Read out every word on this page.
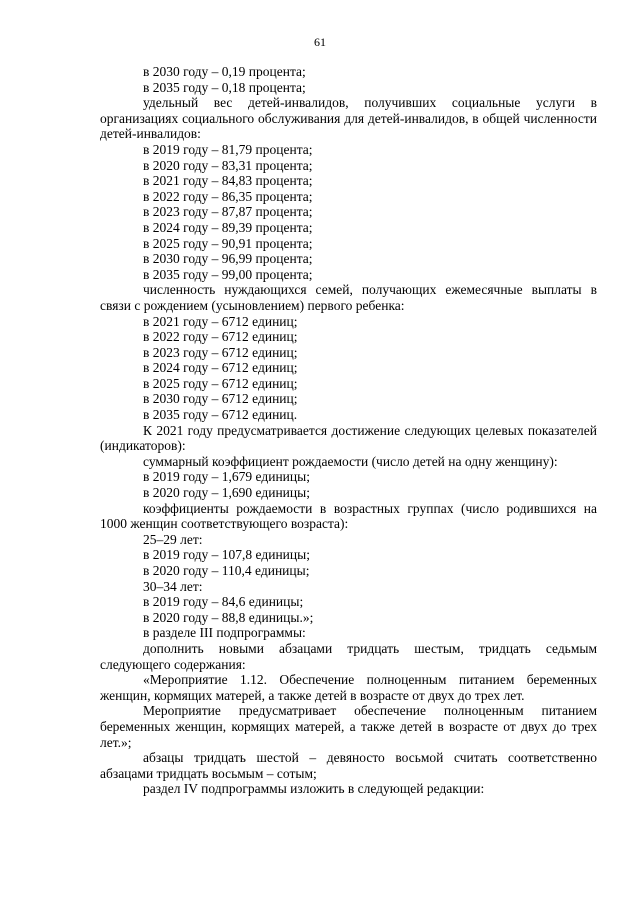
61

в 2030 году – 0,19 процента;

в 2035 году – 0,18 процента;

удельный вес детей-инвалидов, получивших социальные услуги в организациях социального обслуживания для детей-инвалидов, в общей численности детей-инвалидов:

в 2019 году – 81,79 процента;

в 2020 году – 83,31 процента;

в 2021 году – 84,83 процента;

в 2022 году – 86,35 процента;

в 2023 году – 87,87 процента;

в 2024 году – 89,39 процента;

в 2025 году – 90,91 процента;

в 2030 году – 96,99 процента;

в 2035 году – 99,00 процента;

численность нуждающихся семей, получающих ежемесячные выплаты в связи с рождением (усыновлением) первого ребенка:

в 2021 году – 6712 единиц;

в 2022 году – 6712 единиц;

в 2023 году – 6712 единиц;

в 2024 году – 6712 единиц;

в 2025 году – 6712 единиц;

в 2030 году – 6712 единиц;

в 2035 году – 6712 единиц.

К 2021 году предусматривается достижение следующих целевых показателей (индикаторов):

суммарный коэффициент рождаемости (число детей на одну женщину):

в 2019 году – 1,679 единицы;

в 2020 году – 1,690 единицы;

коэффициенты рождаемости в возрастных группах (число родившихся на 1000 женщин соответствующего возраста):

25–29 лет:

в 2019 году – 107,8 единицы;

в 2020 году – 110,4 единицы;

30–34 лет:

в 2019 году – 84,6 единицы;

в 2020 году – 88,8 единицы.»;

в разделе III подпрограммы:

дополнить новыми абзацами тридцать шестым, тридцать седьмым следующего содержания:

«Мероприятие 1.12. Обеспечение полноценным питанием беременных женщин, кормящих матерей, а также детей в возрасте от двух до трех лет.

Мероприятие предусматривает обеспечение полноценным питанием беременных женщин, кормящих матерей, а также детей в возрасте от двух до трех лет.»;

абзацы тридцать шестой – девяносто восьмой считать соответственно абзацами тридцать восьмым – сотым;

раздел IV подпрограммы изложить в следующей редакции:
